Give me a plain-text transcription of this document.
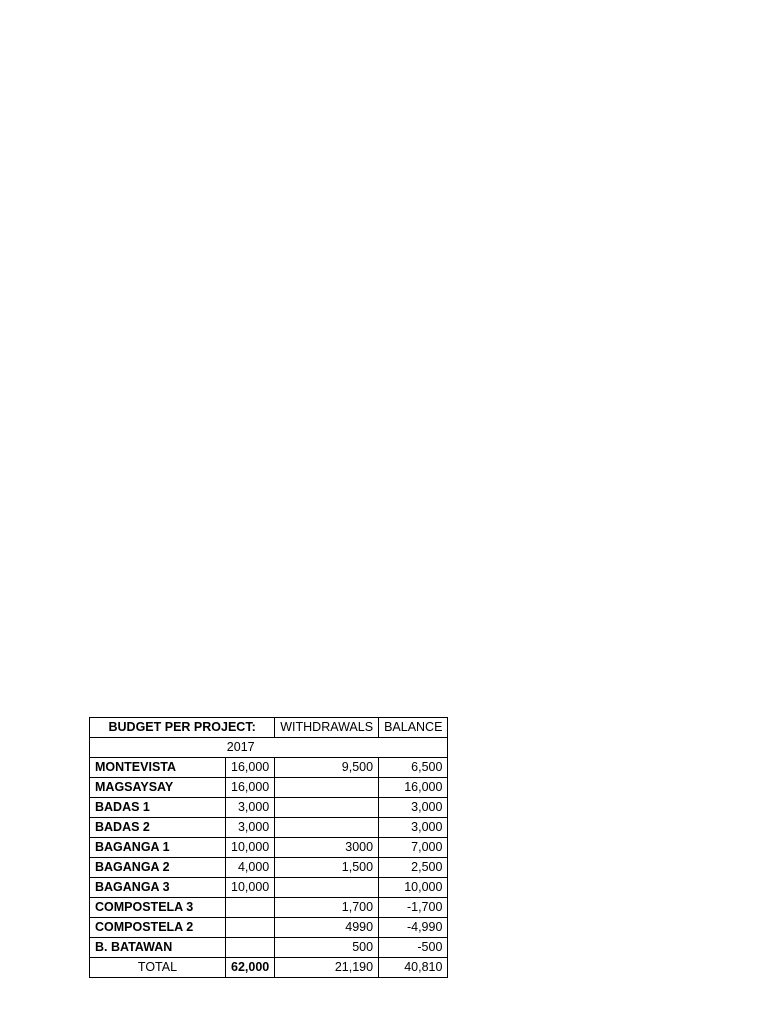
BUDGET PER PROJECT:		WITHDRAWALS	BALANCE
2017			
MONTEVISTA	16,000	9,500	6,500
MAGSAYSAY	16,000		16,000
BADAS 1	3,000		3,000
BADAS 2	3,000		3,000
BAGANGA 1	10,000	3000	7,000
BAGANGA 2	4,000	1,500	2,500
BAGANGA 3	10,000		10,000
COMPOSTELA 3		1,700	-1,700
COMPOSTELA 2		4990	-4,990
B. BATAWAN		500	-500
TOTAL	62,000	21,190	40,810
